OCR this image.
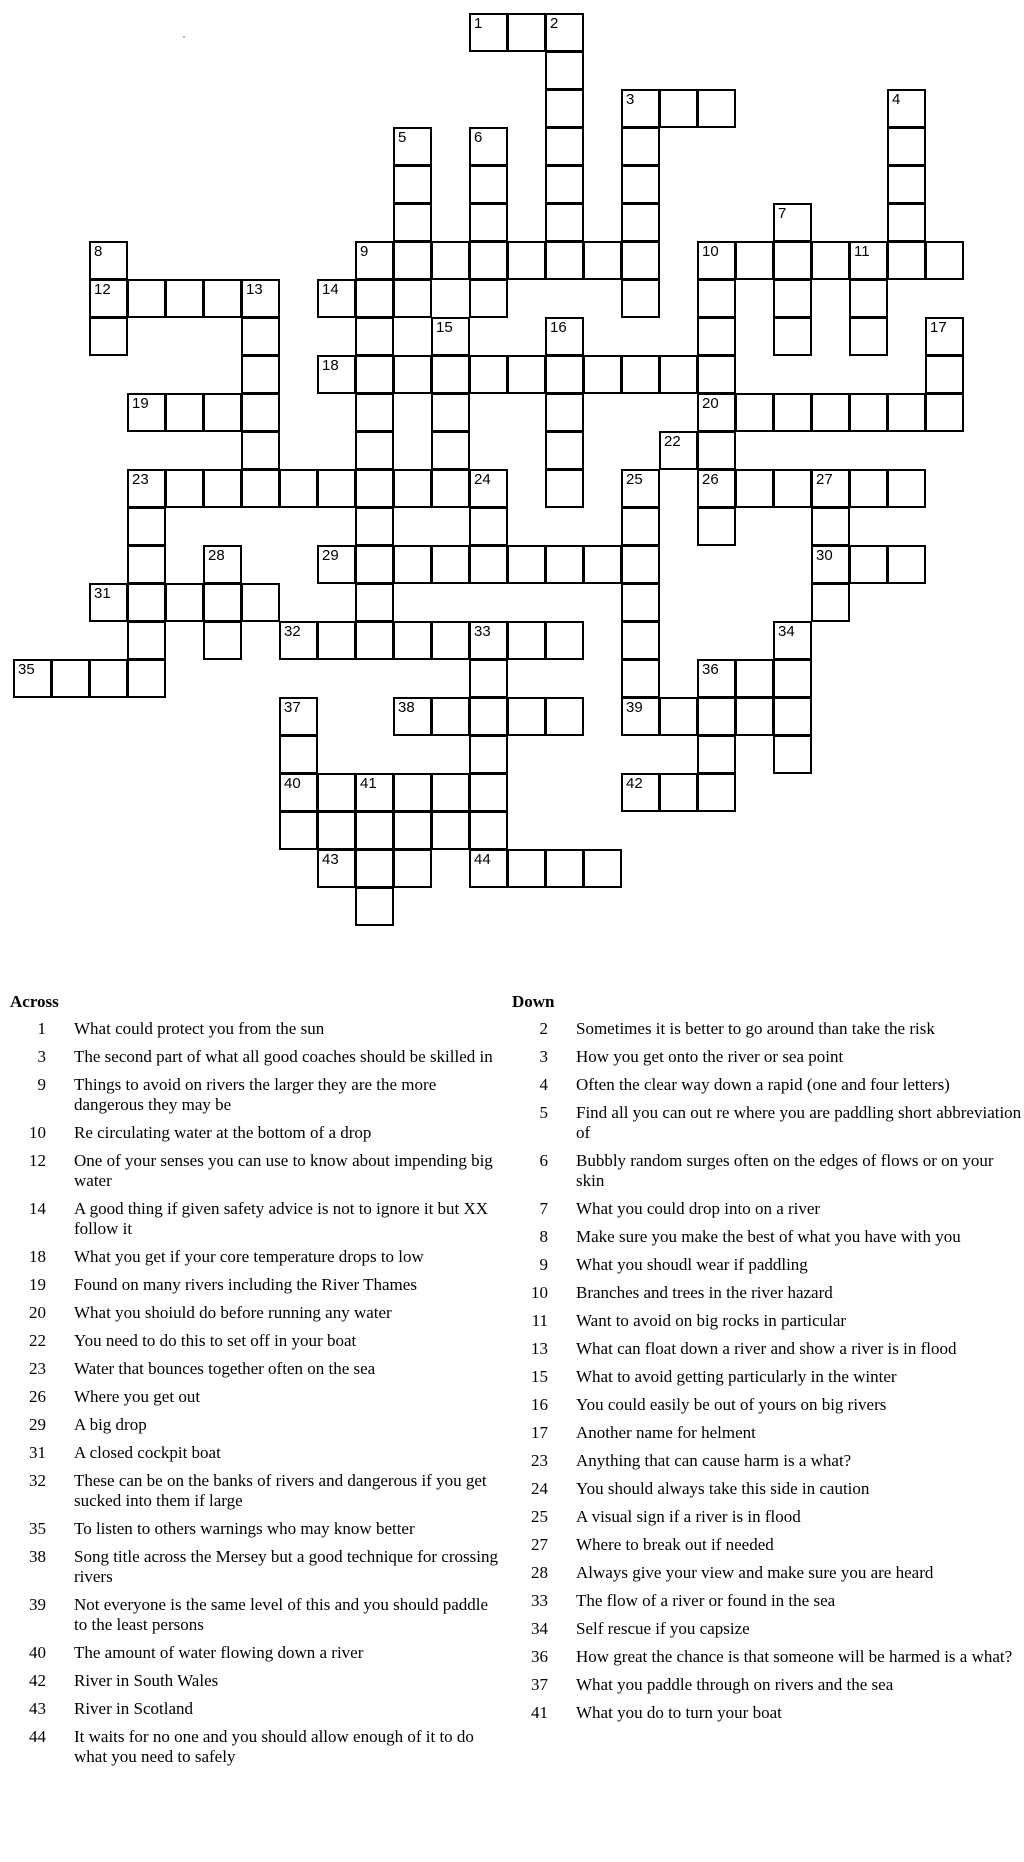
1	2
3	4
5	6
7
8	9	10	11
12	13	14
15	16	17
18
19	20
22
23	24	25	26	27
28	29	30
31
32	33	34
35	36
37	38	39
40	41	42
43	44
Across
1	What could protect you from the sun
3	The second part of what all good coaches should be skilled in
9	Things to avoid on rivers the larger they are the more dangerous they may be
10	Re circulating water at the bottom of a drop
12	One of your senses you can use to know about impending big water
14	A good thing if given safety advice is not to ignore it but XX follow it
18	What you get if your core temperature drops to low
19	Found on many rivers including the River Thames
20	What you shoiuld do before running any water
22	You need to do this to set off in your boat
23	Water that bounces together often on the sea
26	Where you get out
29	A big drop
31	A closed cockpit boat
32	These can be on the banks of rivers and dangerous if you get sucked into them if large
35	To listen to others warnings who may know better
38	Song title across the Mersey but a good technique for crossing rivers
39	Not everyone is the same level of this and you should paddle to the least persons
40	The amount of water flowing down a river
42	River in South Wales
43	River in Scotland
44	It waits for no one and you should allow enough of it to do what you need to safely
Down
2	Sometimes it is better to go around than take the risk
3	How you get onto the river or sea point
4	Often the clear way down a rapid (one and four letters)
5	Find all you can out re where you are paddling short abbreviation of
6	Bubbly random surges often on the edges of flows or on your skin
7	What you could drop into on a river
8	Make sure you make the best of what you have with you
9	What you shoudl wear if paddling
10	Branches and trees in the river hazard
11	Want to avoid on big rocks in particular
13	What can float down a river and show a river is in flood
15	What to avoid getting particularly in the winter
16	You could easily be out of yours on big rivers
17	Another name for helment
23	Anything that can cause harm is a what?
24	You should always take this side in caution
25	A visual sign if a river is in flood
27	Where to break out if needed
28	Always give your view and make sure you are heard
33	The flow of a river or found in the sea
34	Self rescue if you capsize
36	How great the chance is that someone will be harmed is a what?
37	What you paddle through on rivers and the sea
41	What you do to turn your boat
